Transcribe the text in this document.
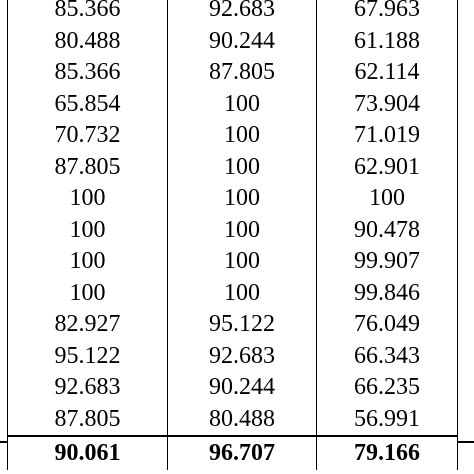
85.366	92.683	67.963
80.488	90.244	61.188
85.366	87.805	62.114
65.854	100	73.904
70.732	100	71.019
87.805	100	62.901
100	100	100
100	100	90.478
100	100	99.907
100	100	99.846
82.927	95.122	76.049
95.122	92.683	66.343
92.683	90.244	66.235
87.805	80.488	56.991
90.061	96.707	79.166
